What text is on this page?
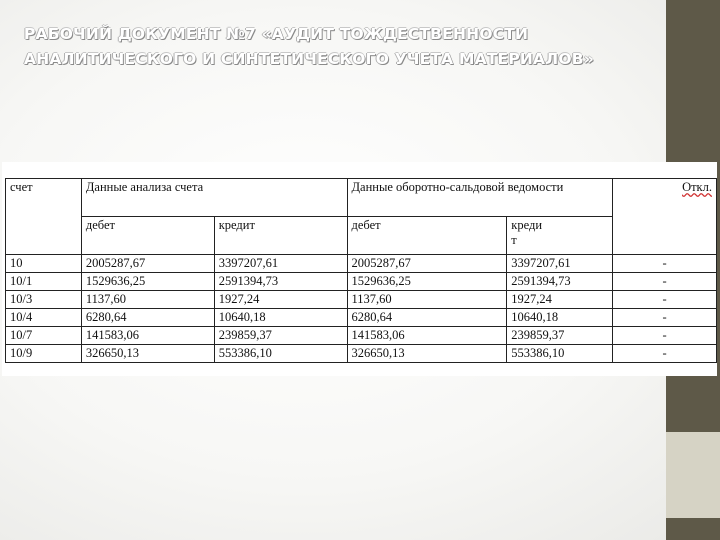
РАБОЧИЙ ДОКУМЕНТ №7 «АУДИТ ТОЖДЕСТВЕННОСТИ АНАЛИТИЧЕСКОГО И СИНТЕТИЧЕСКОГО УЧЕТА МАТЕРИАЛОВ»
счет	Данные анализа счета		Данные оборотно-сальдовой ведомости		Откл.
	дебет	кредит	дебет	креди
т	
10	2005287,67	3397207,61	2005287,67	3397207,61	-
10/1	1529636,25	2591394,73	1529636,25	2591394,73	-
10/3	1137,60	1927,24	1137,60	1927,24	-
10/4	6280,64	10640,18	6280,64	10640,18	-
10/7	141583,06	239859,37	141583,06	239859,37	-
10/9	326650,13	553386,10	326650,13	553386,10	-
